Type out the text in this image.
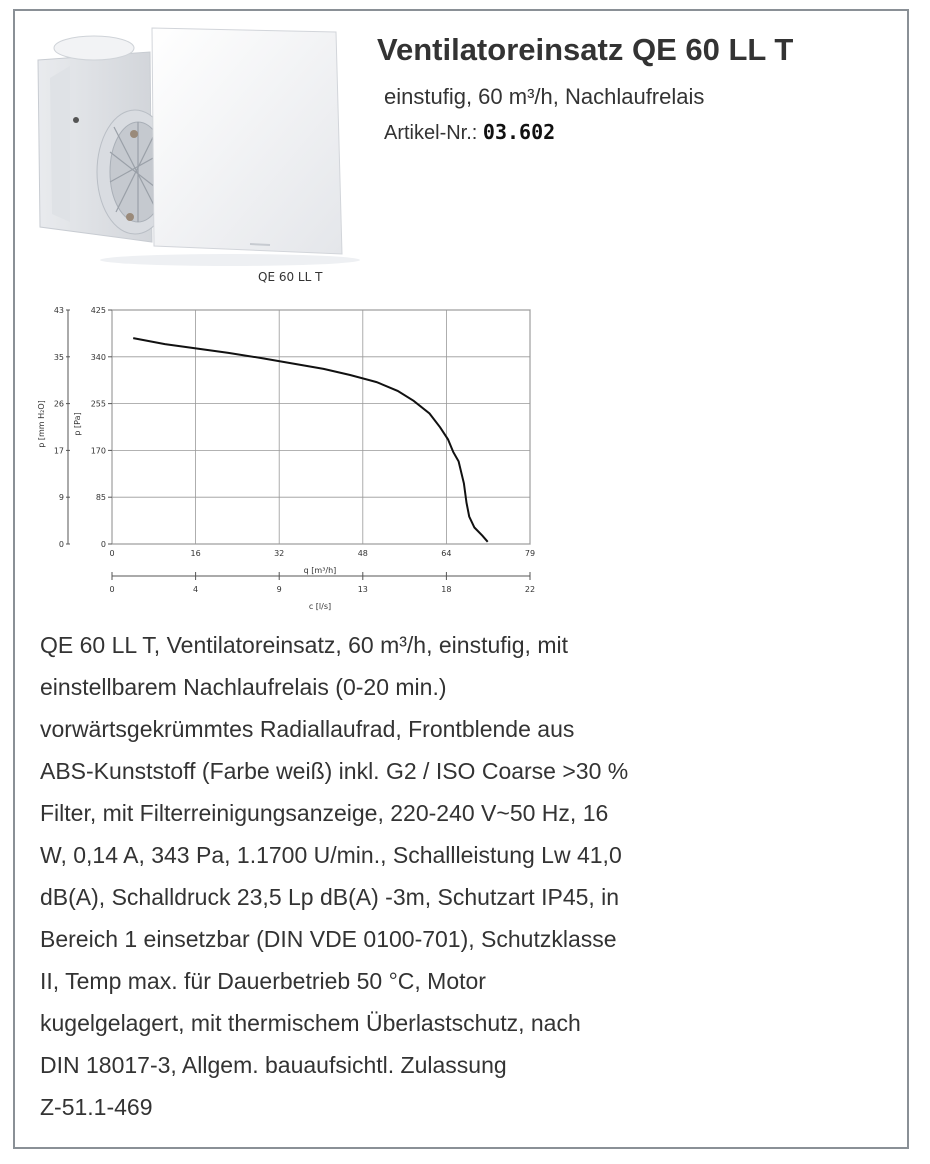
QE 60 LL T
Ventilatoreinsatz QE 60 LL T
einstufig, 60 m³/h, Nachlaufrelais
Artikel-Nr.: 03.602
0
0
85
9
170
17
255
26
340
35
425
43
0	16	32	48	64	79
0	4	9	13	18	22
p [Pa]
p [mm H₂O]
q [m³/h]
c [l/s]
QE 60 LL T, Ventilatoreinsatz, 60 m³/h, einstufig, mit
einstellbarem Nachlaufrelais (0-20 min.)
vorwärtsgekrümmtes Radiallaufrad, Frontblende aus
ABS-Kunststoff (Farbe weiß) inkl. G2 / ISO Coarse >30 %
Filter, mit Filterreinigungsanzeige, 220-240 V~50 Hz, 16
W, 0,14 A, 343 Pa, 1.1700 U/min., Schallleistung Lw 41,0
dB(A), Schalldruck 23,5 Lp dB(A) -3m, Schutzart IP45, in
Bereich 1 einsetzbar (DIN VDE 0100-701), Schutzklasse
II, Temp max. für Dauerbetrieb 50 °C, Motor
kugelgelagert, mit thermischem Überlastschutz, nach
DIN 18017-3, Allgem. bauaufsichtl. Zulassung
Z-51.1-469
